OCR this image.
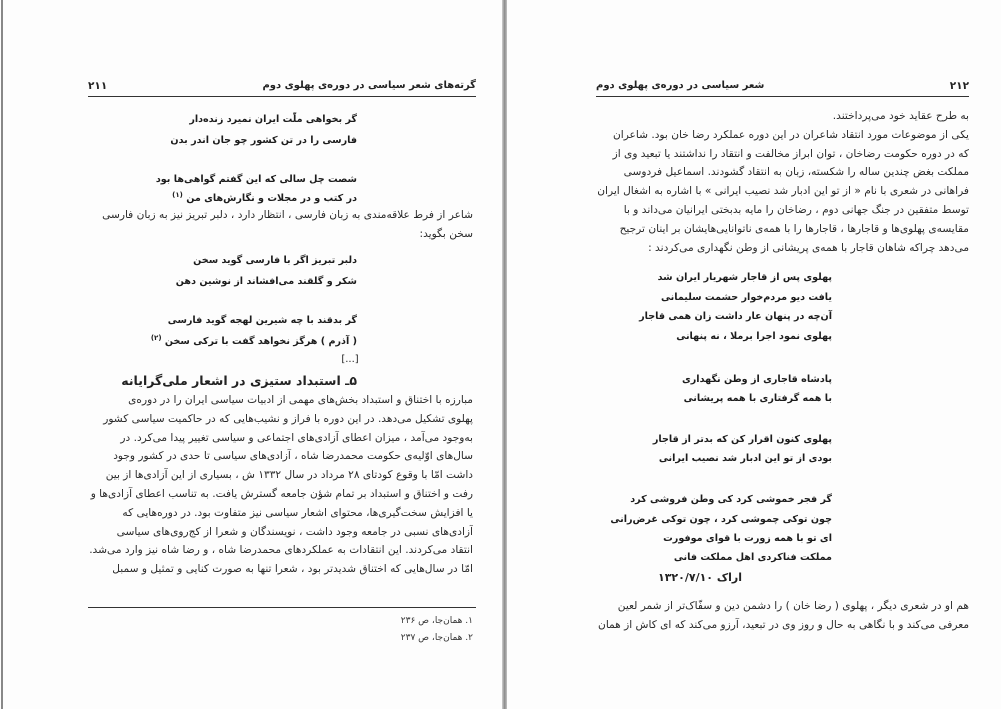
گرته‌های شعر سیاسی در دوره‌ی پهلوی دوم
۲۱۱
گر بخواهی ملّت ایران نمیرد زنده‌دار
فارسی را در تن کشور چو جان اندر بدن
شصت چل سالی که این گفتم گواهی‌ها بود
در کتب و در مجلات و نگارش‌های من $^{(۱)}$
شاعر از فرط علاقه‌مندی به زبان فارسی ، انتظار دارد ، دلبر تبریز نیز به زبان فارسی
سخن بگوید:
دلبر تبریز اگر با فارسی گوید سخن
شکر و گلقند می‌افشاند از نوشین دهن
گر بدقند با چه شیرین لهجه گوید فارسی
( آذرم ) هرگز نخواهد گفت با ترکی سخن $^{(۲)}$
[...]
۵ـ استبداد ستیزی در اشعار ملی‌گرایانه
مبارزه با اختناق و استبداد بخش‌های مهمی از ادبیات سیاسی ایران را در دوره‌ی
پهلوی تشکیل می‌دهد. در این دوره با فراز و نشیب‌هایی که در حاکمیت سیاسی کشور
به‌وجود می‌آمد ، میزان اعطای آزادی‌های اجتماعی و سیاسی تغییر پیدا می‌کرد. در
سال‌های اوّلیه‌ی حکومت محمدرضا شاه ، آزادی‌های سیاسی تا حدی در کشور وجود
داشت امّا با وقوع کودتای ۲۸ مرداد در سال ۱۳۳۲ ش ، بسیاری از این آزادی‌ها از بین
رفت و اختناق و استبداد بر تمام شؤن جامعه گسترش یافت. به تناسب اعطای آزادی‌ها و
یا افزایش سخت‌گیری‌ها، محتوای اشعار سیاسی نیز متفاوت بود. در دوره‌هایی که
آزادی‌های نسبی در جامعه وجود داشت ، نویسندگان و شعرا از کج‌روی‌های سیاسی
انتقاد می‌کردند. این انتقادات به عملکردهای محمدرضا شاه ، و رضا شاه نیز وارد می‌شد.
امّا در سال‌هایی که اختناق شدیدتر بود ، شعرا تنها به صورت کنایی و تمثیل و سمبل
۱. همان‌جا، ص ۲۳۶
۲. همان‌جا، ص ۲۳۷
شعر سیاسی در دوره‌ی پهلوی دوم	۲۱۲
به طرح عقاید خود می‌پرداختند.
یکی از موضوعات مورد انتقاد شاعران در این دوره عملکرد رضا خان بود. شاعران
که در دوره حکومت رضاخان ، توان ابراز مخالفت و انتقاد را نداشتند یا تبعید وی از
مملکت بغض چندین ساله را شکسته، زبان به انتقاد گشودند. اسماعیل فردوسی
فراهانی در شعری با نام « از تو این ادبار شد نصیب ایرانی » با اشاره به اشغال ایران
توسط متفقین در جنگ جهانی دوم ، رضاخان را مایه بدبختی ایرانیان می‌داند و با
مقایسه‌ی پهلوی‌ها و قاجارها ، قاجارها را با همه‌ی ناتوانایی‌هایشان بر اینان ترجیح
می‌دهد چراکه شاهان قاجار با همه‌ی پریشانی از وطن نگهداری می‌کردند :
پهلوی پس از قاجار شهریار ایران شد
یافت دیو مردم‌خوار حشمت سلیمانی
آن‌چه در پنهان عار داشت زان همی قاجار
پهلوی نمود اجرا برملا ، نه پنهانی
پادشاه قاجاری از وطن نگهداری
با همه گرفتاری با همه پریشانی
پهلوی کنون اقرار کن که بدتر از قاجار
بودی از تو این ادبار شد نصیب ایرانی
گر فجر خموشی کرد کی وطن فروشی کرد
چون توکی چموشی کرد ، چون توکی غرض‌رانی
ای تو با همه زورت با قوای موفورت
مملکت فناکردی اهل مملکت فانی
اراک ۱۳۲۰/۷/۱۰
هم او در شعری دیگر ، پهلوی ( رضا خان ) را دشمن دین و سفّاک‌تر از شمر لعین
معرفی می‌کند و با نگاهی به حال و روز وی در تبعید، آرزو می‌کند که ای کاش از همان
